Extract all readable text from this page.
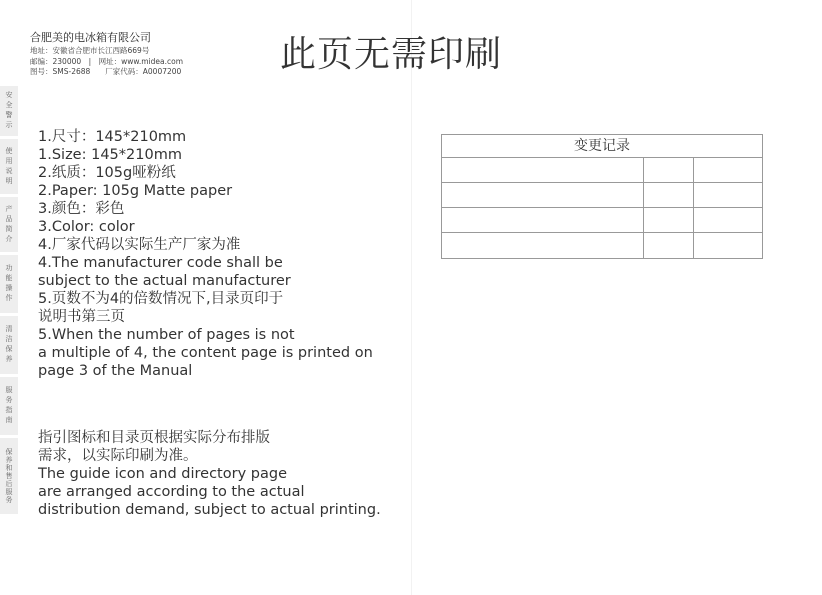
合肥美的电冰箱有限公司
地址：安徽省合肥市长江西路669号
邮编：230000　|　网址：www.midea.com
图号：SMS-2688　　厂家代码：A0007200	此页无需印刷
安全警示
使用说明
产品简介
功能操作
清洁保养
服务指南
保养和售后服务
1.尺寸：145*210mm
1.Size: 145*210mm
2.纸质：105g哑粉纸
2.Paper: 105g Matte paper
3.颜色：彩色
3.Color: color
4.厂家代码以实际生产厂家为准
4.The manufacturer code shall be
subject to the actual manufacturer
5.页数不为4的倍数情况下,目录页印于
说明书第三页
5.When the number of pages is not
a multiple of 4, the content page is printed on
page 3 of the Manual
指引图标和目录页根据实际分布排版
需求，以实际印刷为准。
The guide icon and directory page
are arranged according to the actual
distribution demand, subject to actual printing.
变更记录
